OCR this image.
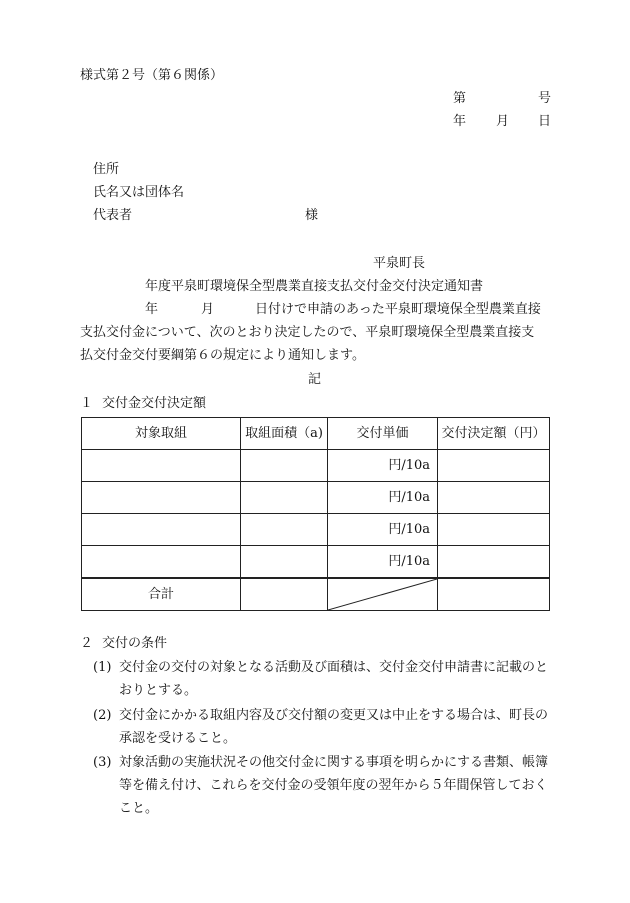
様式第２号（第６関係）
第	号
年 月 日
住所
氏名又は団体名
代表者	様
平泉町長
年度平泉町環境保全型農業直接支払交付金交付決定通知書
年	月	日付けで申請のあった平泉町環境保全型農業直接
支払交付金について、次のとおり決定したので、平泉町環境保全型農業直接支
払交付金交付要綱第６の規定により通知します。
記
１ 交付金交付決定額
対象取組	取組面積（a)	交付単価	交付決定額（円）
		円/10a	
		円/10a	
		円/10a	
		円/10a	
合計		

２ 交付の条件
(1) 交付金の交付の対象となる活動及び面積は、交付金交付申請書に記載のとおりとする。
(2) 交付金にかかる取組内容及び交付額の変更又は中止をする場合は、町長の承認を受けること。
(3) 対象活動の実施状況その他交付金に関する事項を明らかにする書類、帳簿等を備え付け、これらを交付金の受領年度の翌年から５年間保管しておくこと。
